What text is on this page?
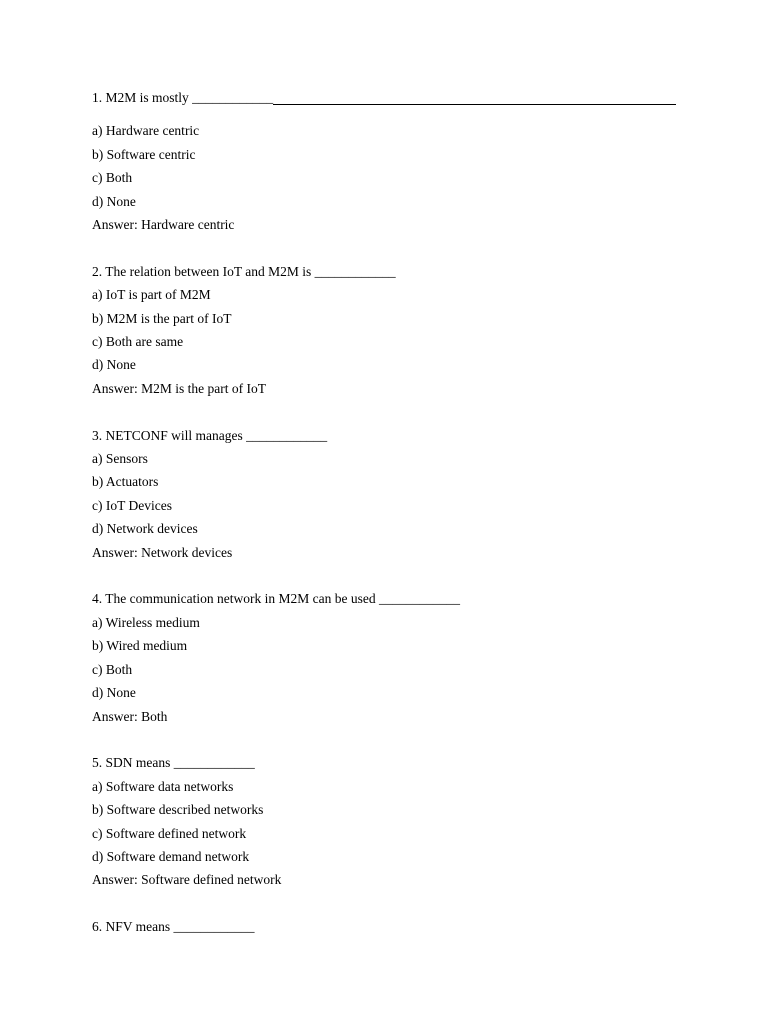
1. M2M is mostly ____________
a) Hardware centric
b) Software centric
c) Both
d) None
Answer: Hardware centric
2. The relation between IoT and M2M is ____________
a) IoT is part of M2M
b) M2M is the part of IoT
c) Both are same
d) None
Answer: M2M is the part of IoT
3. NETCONF will manages ____________
a) Sensors
b) Actuators
c) IoT Devices
d) Network devices
Answer: Network devices
4. The communication network in M2M can be used ____________
a) Wireless medium
b) Wired medium
c) Both
d) None
Answer: Both
5. SDN means ____________
a) Software data networks
b) Software described networks
c) Software defined network
d) Software demand network
Answer: Software defined network
6. NFV means ____________
